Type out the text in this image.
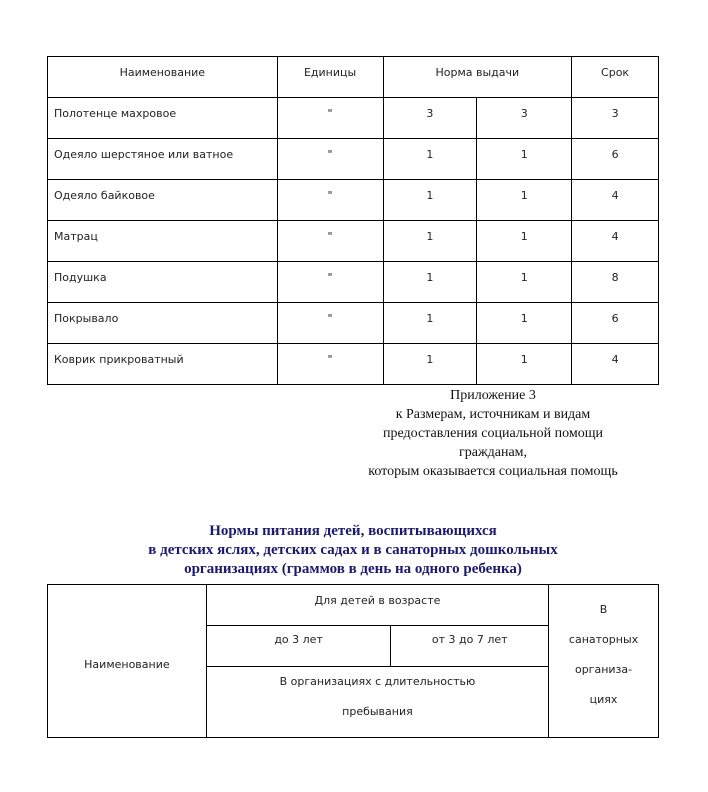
Наименование	Единицы	Норма выдачи		Срок

Полотенце махровое	"	3	3	3

Одеяло шерстяное или ватное	"	1	1	6

Одеяло байковое	"	1	1	4

Матрац	"	1	1	4

Подушка	"	1	1	8

Покрывало	"	1	1	6

Коврик прикроватный	"	1	1	4
Приложение 3
к Размерам, источникам и видам
предоставления социальной помощи
гражданам,
которым оказывается социальная помощь
Нормы питания детей, воспитывающихся
в детских яслях, детских садах и в санаторных дошкольных
организациях (граммов в день на одного ребенка)
Наименование	Для детей в возрасте		В
санаторных
организа-
циях

	до 3 лет	от 3 до 7 лет	

	В организациях с длительностью
пребывания		
